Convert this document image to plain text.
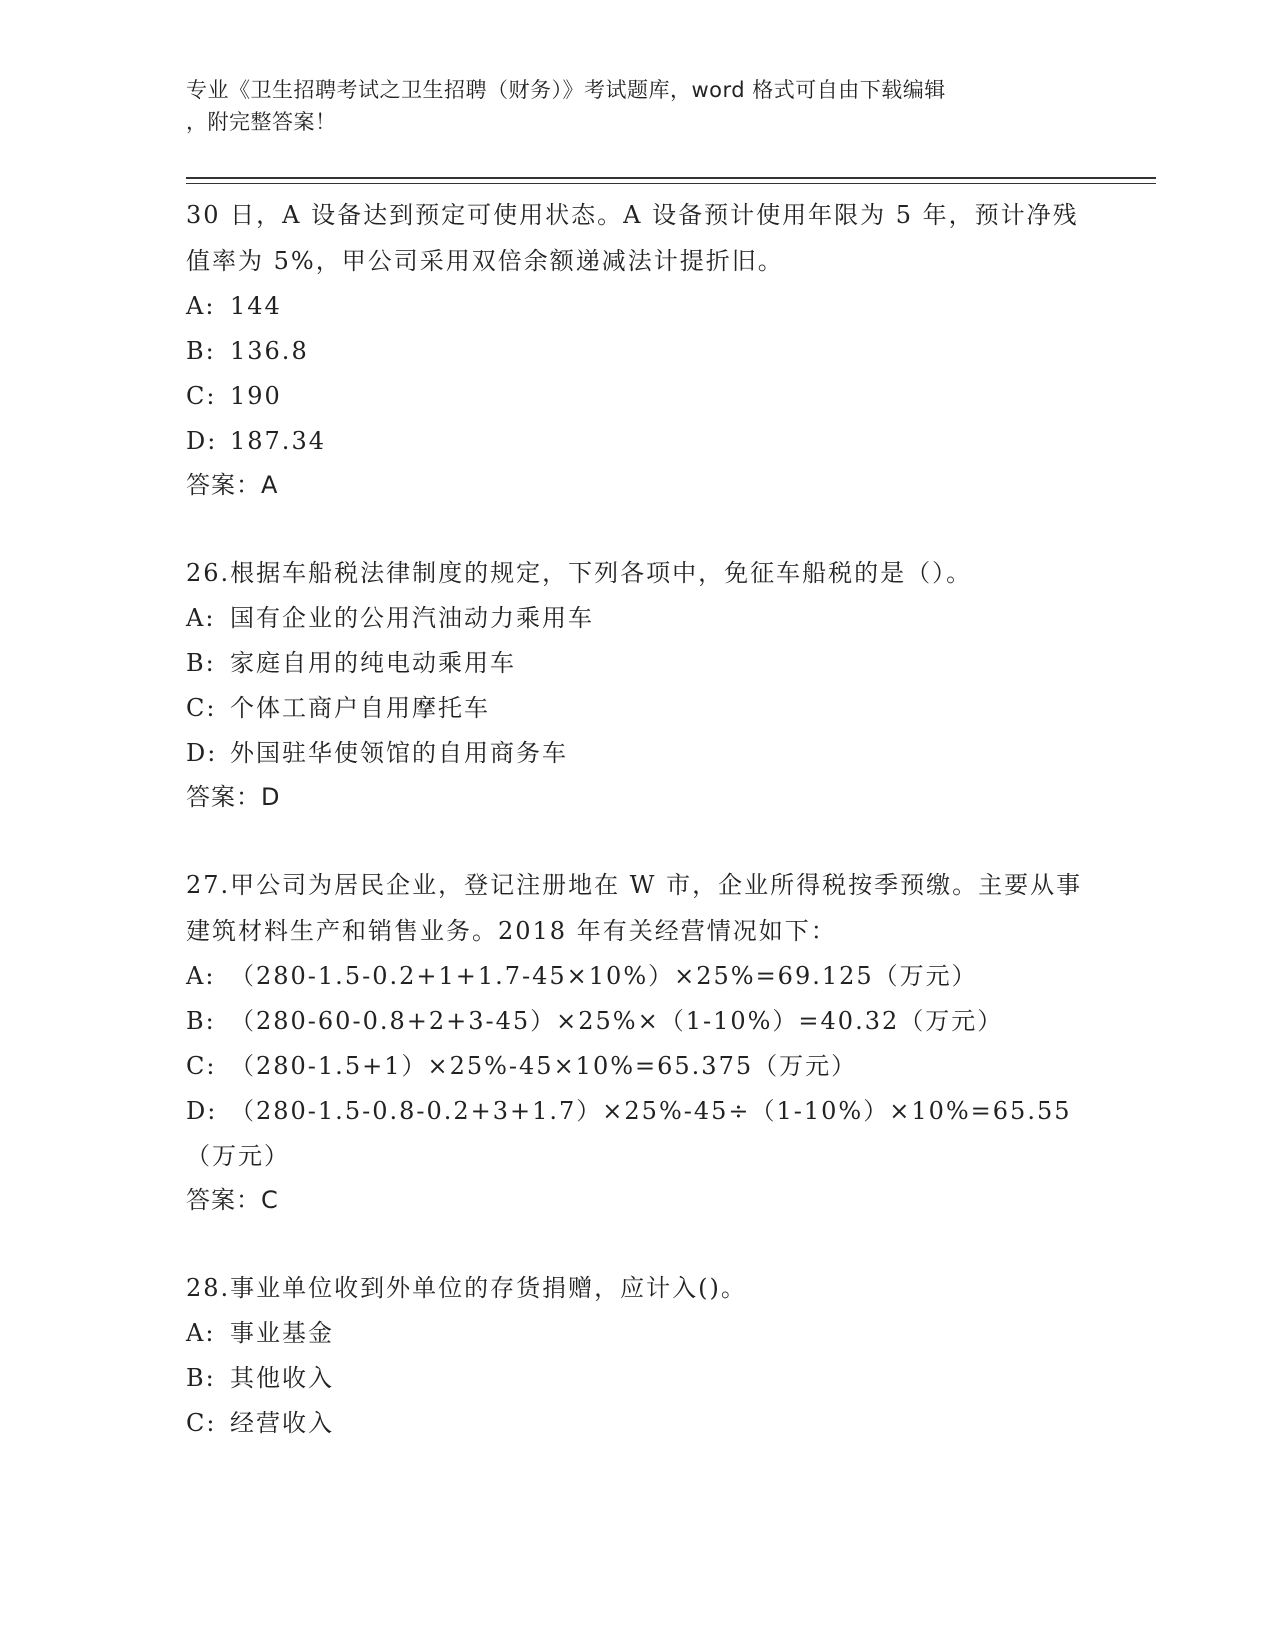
专业《卫生招聘考试之卫生招聘（财务）》考试题库，word 格式可自由下载编辑
，附完整答案！

30 日，A 设备达到预定可使用状态。A 设备预计使用年限为 5 年，预计净残值率为 5%，甲公司采用双倍余额递减法计提折旧。

A: 144

B: 136.8

C: 190

D: 187.34

答案：A

26.根据车船税法律制度的规定，下列各项中，免征车船税的是（）。

A: 国有企业的公用汽油动力乘用车

B: 家庭自用的纯电动乘用车

C: 个体工商户自用摩托车

D: 外国驻华使领馆的自用商务车

答案：D

27.甲公司为居民企业，登记注册地在 W 市，企业所得税按季预缴。主要从事建筑材料生产和销售业务。2018 年有关经营情况如下：

A: （280-1.5-0.2+1+1.7-45×10%）×25%=69.125（万元）

B: （280-60-0.8+2+3-45）×25%×（1-10%）=40.32（万元）

C: （280-1.5+1）×25%-45×10%=65.375（万元）

D: （280-1.5-0.8-0.2+3+1.7）×25%-45÷（1-10%）×10%=65.55（万元）

答案：C

28.事业单位收到外单位的存货捐赠，应计入()。

A: 事业基金

B: 其他收入

C: 经营收入
